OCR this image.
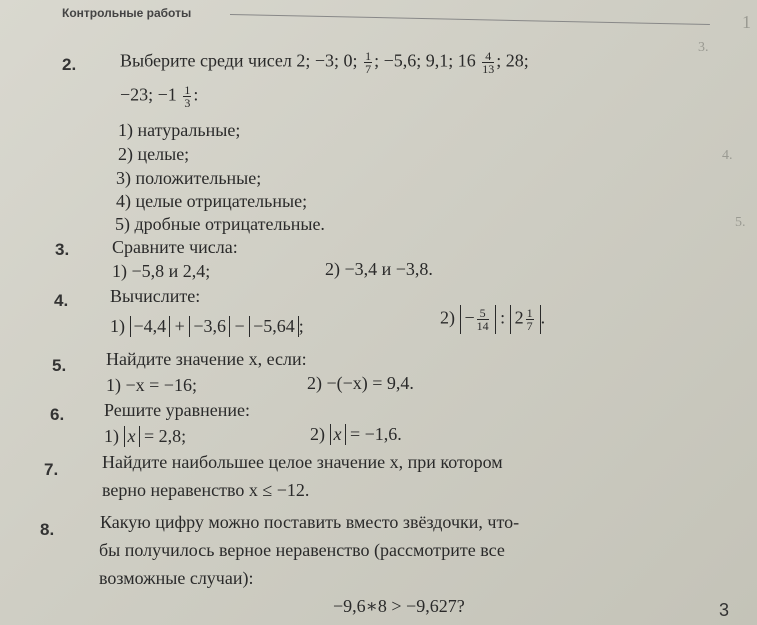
Контрольные работы
3.
4.
5.
1
2. Выберите среди чисел 2; −3; 0; $\frac{1}{7}$ ; −5,6; 9,1; $16 \frac{4}{13}$ ; 28;
−23; $-1 \frac{1}{3}$ :
1) натуральные;
2) целые;
3) положительные;
4) целые отрицательные;
5) дробные отрицательные.
3. Сравните числа:
1) −5,8 и 2,4;	2) −3,4 и −3,8.
4. Вычислите:
1) −4,4 + −3,6 − −5,64 ;	$2) - \frac{5}{14}$ : $2 \frac{1}{7}$ .
5. Найдите значение x, если:
1) −x = −16;	2) −(−x) = 9,4.
6. Решите уравнение:
1) x = 2,8;	2) x = −1,6.
7. Найдите наибольшее целое значение x, при котором
верно неравенство x ≤ −12.
8.	Какую цифру можно поставить вместо звёздочки, что-
бы получилось верное неравенство (рассмотрите все
возможные случаи):
−9,6∗8 > −9,627?	3
